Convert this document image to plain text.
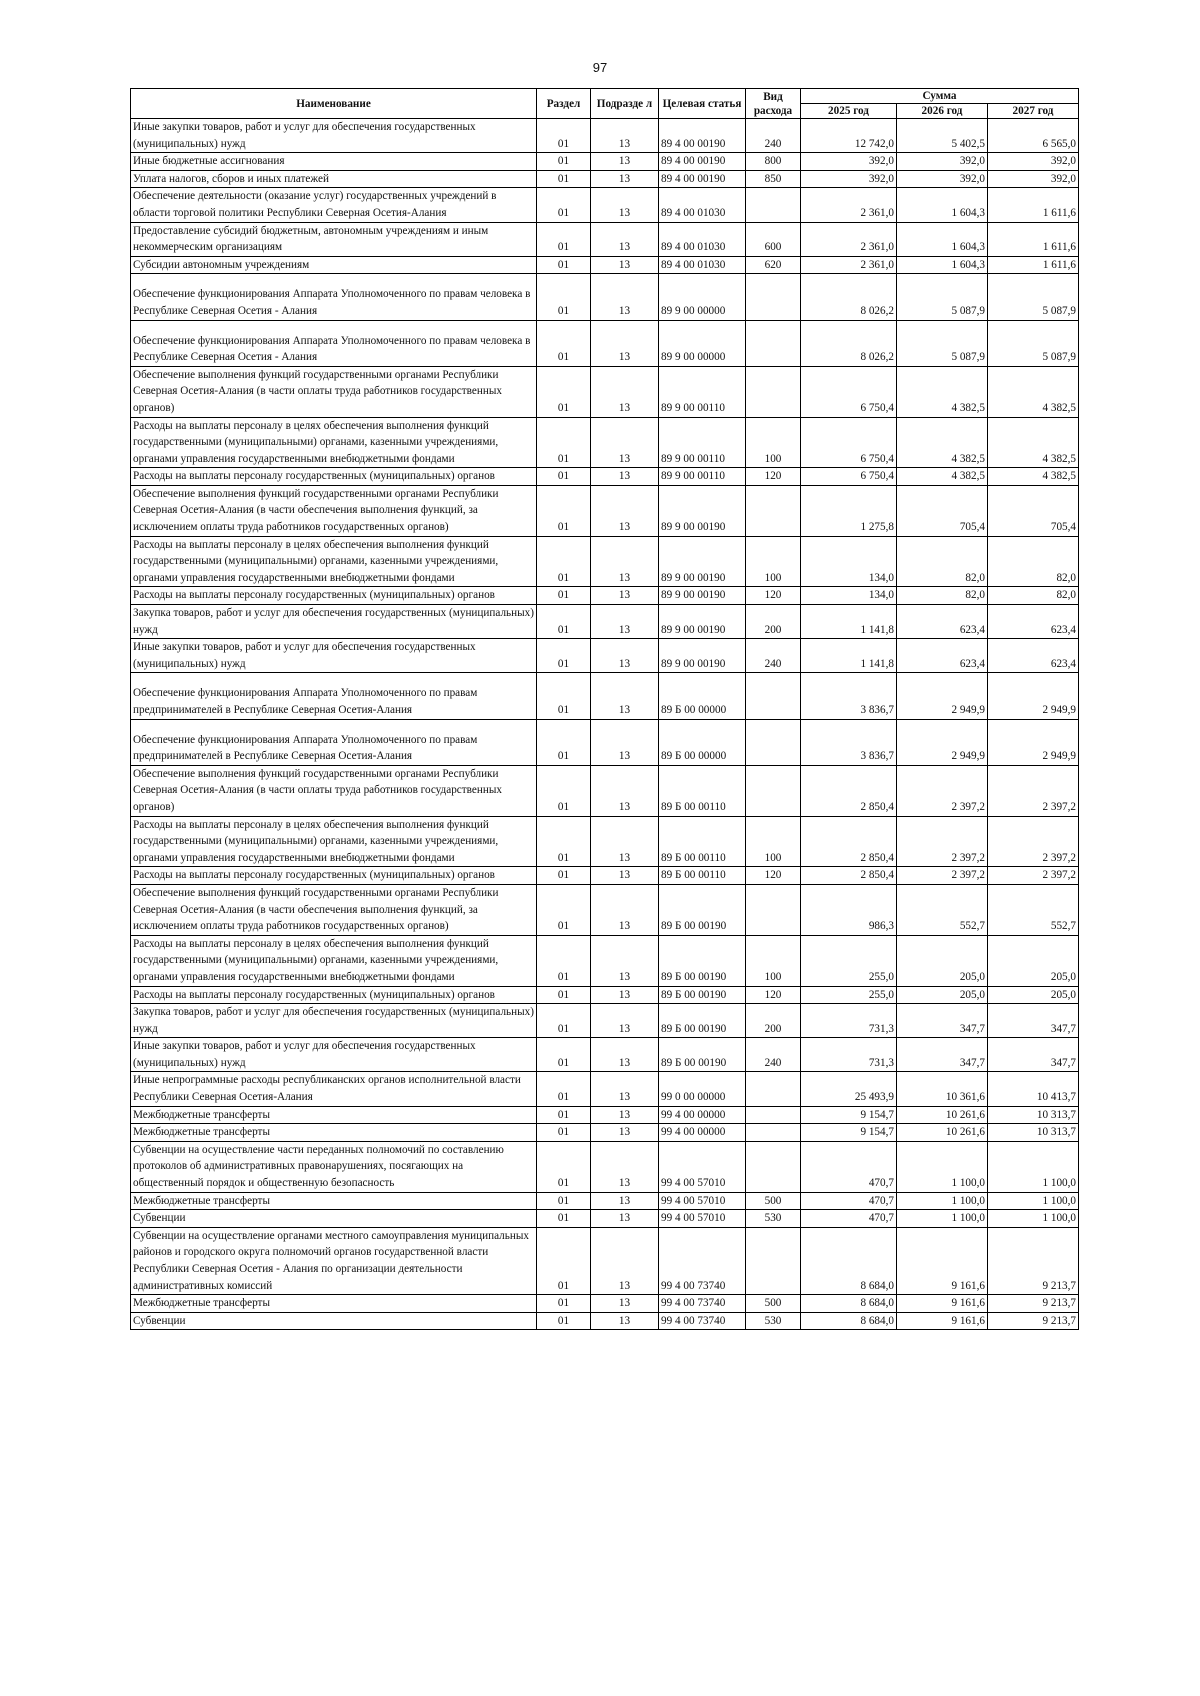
97
Наименование	Раздел	Подразде л	Целевая статья	Вид расхода	Сумма		
					2025 год	2026 год	2027 год
Иные закупки товаров, работ и услуг для обеспечения государственных (муниципальных) нужд	01	13	89 4 00 00190	240	12 742,0	5 402,5	6 565,0
Иные бюджетные ассигнования	01	13	89 4 00 00190	800	392,0	392,0	392,0
Уплата налогов, сборов и иных платежей	01	13	89 4 00 00190	850	392,0	392,0	392,0
Обеспечение деятельности (оказание услуг) государственных учреждений в области торговой политики Республики Северная Осетия-Алания	01	13	89 4 00 01030		2 361,0	1 604,3	1 611,6
Предоставление субсидий бюджетным, автономным учреждениям и иным некоммерческим организациям	01	13	89 4 00 01030	600	2 361,0	1 604,3	1 611,6
Субсидии автономным учреждениям	01	13	89 4 00 01030	620	2 361,0	1 604,3	1 611,6
Обеспечение функционирования Аппарата Уполномоченного по правам человека в Республике Северная Осетия - Алания	01	13	89 9 00 00000		8 026,2	5 087,9	5 087,9
Обеспечение функционирования Аппарата Уполномоченного по правам человека в Республике Северная Осетия - Алания	01	13	89 9 00 00000		8 026,2	5 087,9	5 087,9
Обеспечение выполнения функций государственными органами Республики Северная Осетия-Алания (в части оплаты труда работников государственных органов)	01	13	89 9 00 00110		6 750,4	4 382,5	4 382,5
Расходы на выплаты персоналу в целях обеспечения выполнения функций государственными (муниципальными) органами, казенными учреждениями, органами управления государственными внебюджетными фондами	01	13	89 9 00 00110	100	6 750,4	4 382,5	4 382,5
Расходы на выплаты персоналу государственных (муниципальных) органов	01	13	89 9 00 00110	120	6 750,4	4 382,5	4 382,5
Обеспечение выполнения функций государственными органами Республики Северная Осетия-Алания (в части обеспечения выполнения функций, за исключением оплаты труда работников государственных органов)	01	13	89 9 00 00190		1 275,8	705,4	705,4
Расходы на выплаты персоналу в целях обеспечения выполнения функций государственными (муниципальными) органами, казенными учреждениями, органами управления государственными внебюджетными фондами	01	13	89 9 00 00190	100	134,0	82,0	82,0
Расходы на выплаты персоналу государственных (муниципальных) органов	01	13	89 9 00 00190	120	134,0	82,0	82,0
Закупка товаров, работ и услуг для обеспечения государственных (муниципальных) нужд	01	13	89 9 00 00190	200	1 141,8	623,4	623,4
Иные закупки товаров, работ и услуг для обеспечения государственных (муниципальных) нужд	01	13	89 9 00 00190	240	1 141,8	623,4	623,4
Обеспечение функционирования Аппарата Уполномоченного по правам предпринимателей в Республике Северная Осетия-Алания	01	13	89 Б 00 00000		3 836,7	2 949,9	2 949,9
Обеспечение функционирования Аппарата Уполномоченного по правам предпринимателей в Республике Северная Осетия-Алания	01	13	89 Б 00 00000		3 836,7	2 949,9	2 949,9
Обеспечение выполнения функций государственными органами Республики Северная Осетия-Алания (в части оплаты труда работников государственных органов)	01	13	89 Б 00 00110		2 850,4	2 397,2	2 397,2
Расходы на выплаты персоналу в целях обеспечения выполнения функций государственными (муниципальными) органами, казенными учреждениями, органами управления государственными внебюджетными фондами	01	13	89 Б 00 00110	100	2 850,4	2 397,2	2 397,2
Расходы на выплаты персоналу государственных (муниципальных) органов	01	13	89 Б 00 00110	120	2 850,4	2 397,2	2 397,2
Обеспечение выполнения функций государственными органами Республики Северная Осетия-Алания (в части обеспечения выполнения функций, за исключением оплаты труда работников государственных органов)	01	13	89 Б 00 00190		986,3	552,7	552,7
Расходы на выплаты персоналу в целях обеспечения выполнения функций государственными (муниципальными) органами, казенными учреждениями, органами управления государственными внебюджетными фондами	01	13	89 Б 00 00190	100	255,0	205,0	205,0
Расходы на выплаты персоналу государственных (муниципальных) органов	01	13	89 Б 00 00190	120	255,0	205,0	205,0
Закупка товаров, работ и услуг для обеспечения государственных (муниципальных) нужд	01	13	89 Б 00 00190	200	731,3	347,7	347,7
Иные закупки товаров, работ и услуг для обеспечения государственных (муниципальных) нужд	01	13	89 Б 00 00190	240	731,3	347,7	347,7
Иные непрограммные расходы республиканских органов исполнительной власти Республики Северная Осетия-Алания	01	13	99 0 00 00000		25 493,9	10 361,6	10 413,7
Межбюджетные трансферты	01	13	99 4 00 00000		9 154,7	10 261,6	10 313,7
Межбюджетные трансферты	01	13	99 4 00 00000		9 154,7	10 261,6	10 313,7
Субвенции на осуществление части переданных полномочий по составлению протоколов об административных правонарушениях, посягающих на общественный порядок и общественную безопасность	01	13	99 4 00 57010		470,7	1 100,0	1 100,0
Межбюджетные трансферты	01	13	99 4 00 57010	500	470,7	1 100,0	1 100,0
Субвенции	01	13	99 4 00 57010	530	470,7	1 100,0	1 100,0
Субвенции на осуществление органами местного самоуправления муниципальных районов и городского округа полномочий органов государственной власти Республики Северная Осетия - Алания по организации деятельности административных комиссий	01	13	99 4 00 73740		8 684,0	9 161,6	9 213,7
Межбюджетные трансферты	01	13	99 4 00 73740	500	8 684,0	9 161,6	9 213,7
Субвенции	01	13	99 4 00 73740	530	8 684,0	9 161,6	9 213,7
